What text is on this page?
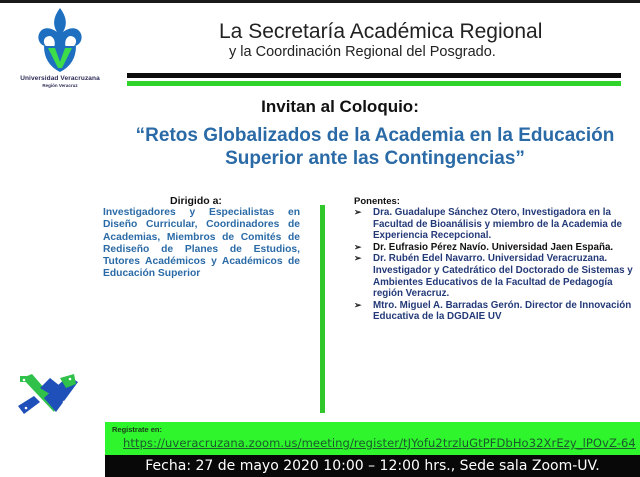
Universidad Veracruzana
Región Veracruz
La Secretaría Académica Regional
y la Coordinación Regional del Posgrado.
Invitan al Coloquio:
“Retos Globalizados de la Academia en la Educación
Superior ante las Contingencias”
Dirigido a:
Investigadores y Especialistas en Diseño Curricular, Coordinadores de Academias, Miembros de Comités de Rediseño de Planes de Estudios, Tutores Académicos y Académicos de Educación Superior
Ponentes:
➢ Dra. Guadalupe Sánchez Otero, Investigadora en la Facultad de Bioanálisis y miembro de la Academia de Experiencia Recepcional.
➢ Dr. Eufrasio Pérez Navío. Universidad Jaen España.
➢ Dr. Rubén Edel Navarro. Universidad Veracruzana. Investigador y Catedrático del Doctorado de Sistemas y Ambientes Educativos de la Facultad de Pedagogía región Veracruz.
➢ Mtro. Miguel A. Barradas Gerón. Director de Innovación Educativa de la DGDAIE UV
Registrate en:
https://uveracruzana.zoom.us/meeting/register/tJYofu2trzluGtPFDbHo32XrEzy_lPOvZ-64
Fecha: 27 de mayo 2020 10:00 – 12:00 hrs., Sede sala Zoom-UV.
